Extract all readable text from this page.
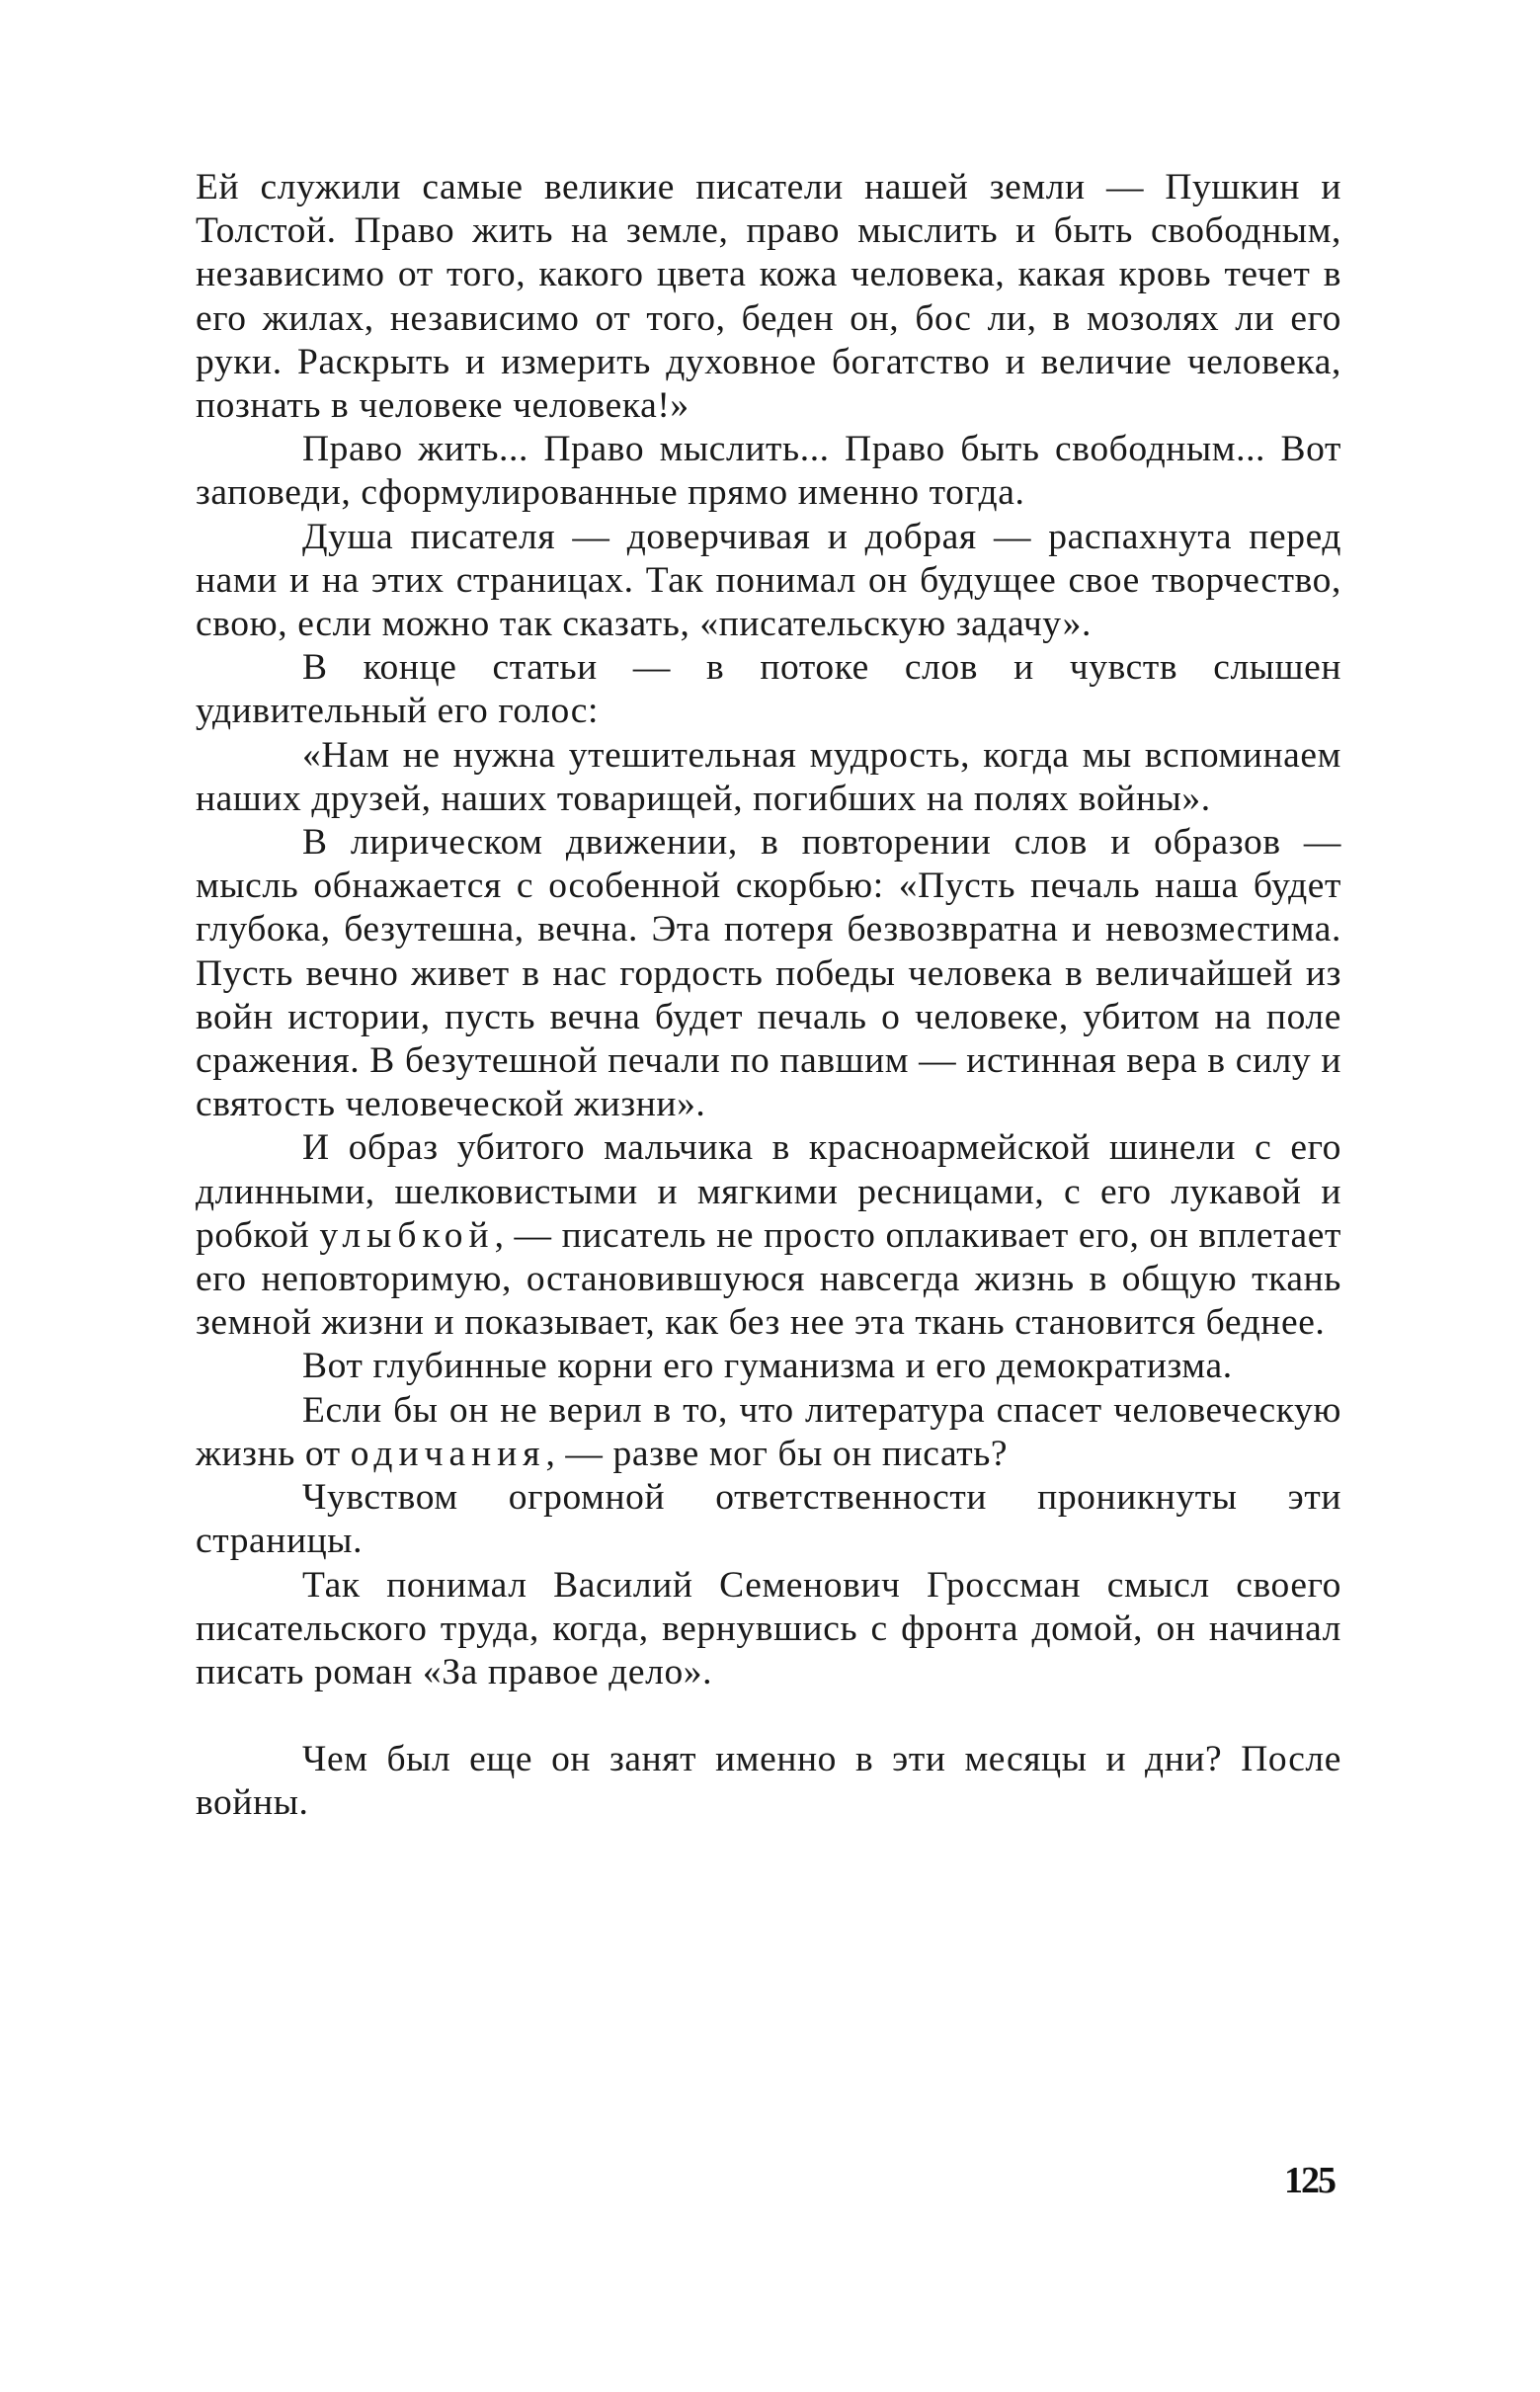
Ей служили самые великие писатели нашей земли — Пушкин и Толстой. Право жить на земле, право мыслить и быть свободным, независимо от того, какого цвета кожа человека, какая кровь течет в его жилах, независимо от того, беден он, бос ли, в мозолях ли его руки. Раскрыть и измерить духовное богатство и величие человека, познать в человеке человека!»

Право жить... Право мыслить... Право быть свободным... Вот заповеди, сформулированные прямо именно тогда.

Душа писателя — доверчивая и добрая — распахнута перед нами и на этих страницах. Так понимал он будущее свое творчество, свою, если можно так сказать, «писательскую задачу».

В конце статьи — в потоке слов и чувств слышен удивительный его голос:

«Нам не нужна утешительная мудрость, когда мы вспоминаем наших друзей, наших товарищей, погибших на полях войны».

В лирическом движении, в повторении слов и образов — мысль обнажается с особенной скорбью: «Пусть печаль наша будет глубока, безутешна, вечна. Эта потеря безвозвратна и невозместима. Пусть вечно живет в нас гордость победы человека в величайшей из войн истории, пусть вечна будет печаль о человеке, убитом на поле сражения. В безутешной печали по павшим — истинная вера в силу и святость человеческой жизни».

И образ убитого мальчика в красноармейской шинели с его длинными, шелковистыми и мягкими ресницами, с его лукавой и робкой улыбкой, — писатель не просто оплакивает его, он вплетает его неповторимую, остановившуюся навсегда жизнь в общую ткань земной жизни и показывает, как без нее эта ткань становится беднее.

Вот глубинные корни его гуманизма и его демократизма.

Если бы он не верил в то, что литература спасет человеческую жизнь от одичания, — разве мог бы он писать?

Чувством огромной ответственности проникнуты эти страницы.

Так понимал Василий Семенович Гроссман смысл своего писательского труда, когда, вернувшись с фронта домой, он начинал писать роман «За правое дело».

Чем был еще он занят именно в эти месяцы и дни? После войны.

125
